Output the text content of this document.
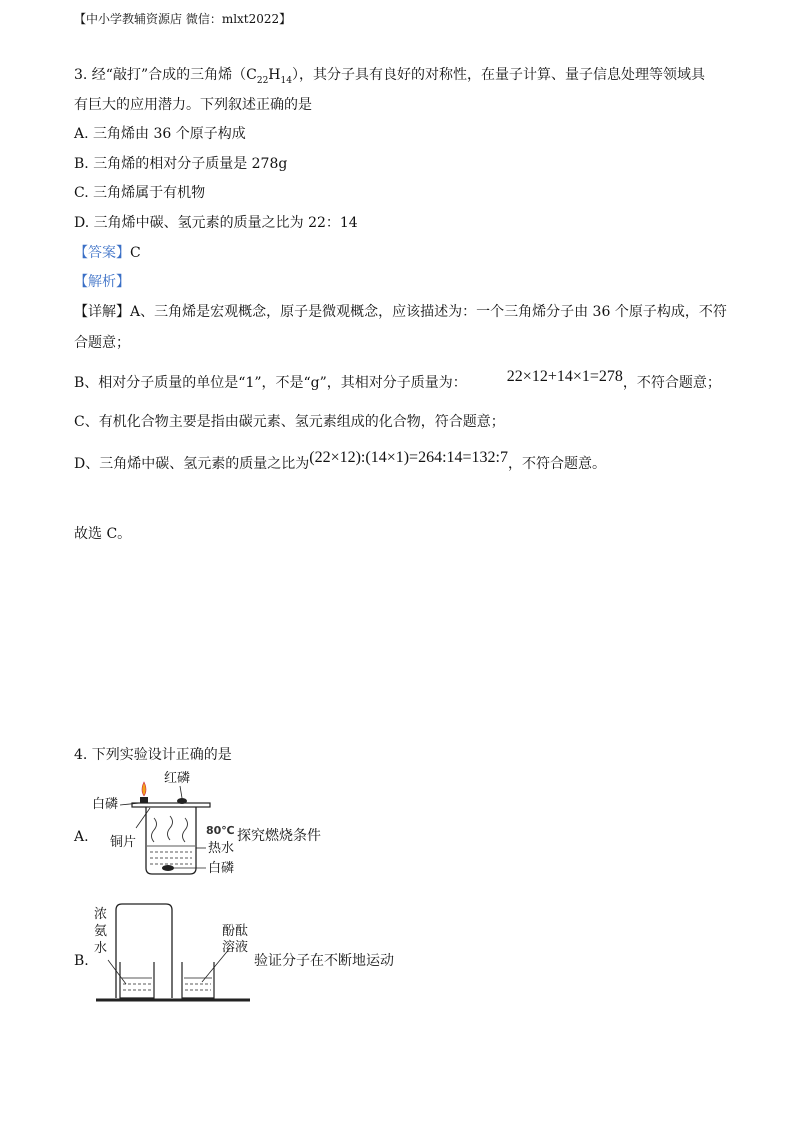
【中小学教辅资源店 微信：mlxt2022】
3. 经“敲打”合成的三角烯$(C_{22}H_{14})$，其分子具有良好的对称性，在量子计算、量子信息处理等领域具
有巨大的应用潜力。下列叙述正确的是
A. 三角烯由 36 个原子构成
B. 三角烯的相对分子质量是 278g
C. 三角烯属于有机物
D. 三角烯中碳、氢元素的质量之比为 22：14
【答案】C
【解析】
【详解】A、三角烯是宏观概念，原子是微观概念，应该描述为：一个三角烯分子由 36 个原子构成，不符
合题意；
B、相对分子质量的单位是“1”，不是“g”，其相对分子质量为：	22×12+14×1=278，不符合题意；
C、有机化合物主要是指由碳元素、氢元素组成的化合物，符合题意；
D、三角烯中碳、氢元素的质量之比为(22×12):(14×1)=264:14=132:7，不符合题意。
故选 C。
4. 下列实验设计正确的是
A.
红磷
白磷
铜片
80℃
热水
白磷
探究燃烧条件
B.
浓
氨
水
酚酞
溶液
验证分子在不断地运动
